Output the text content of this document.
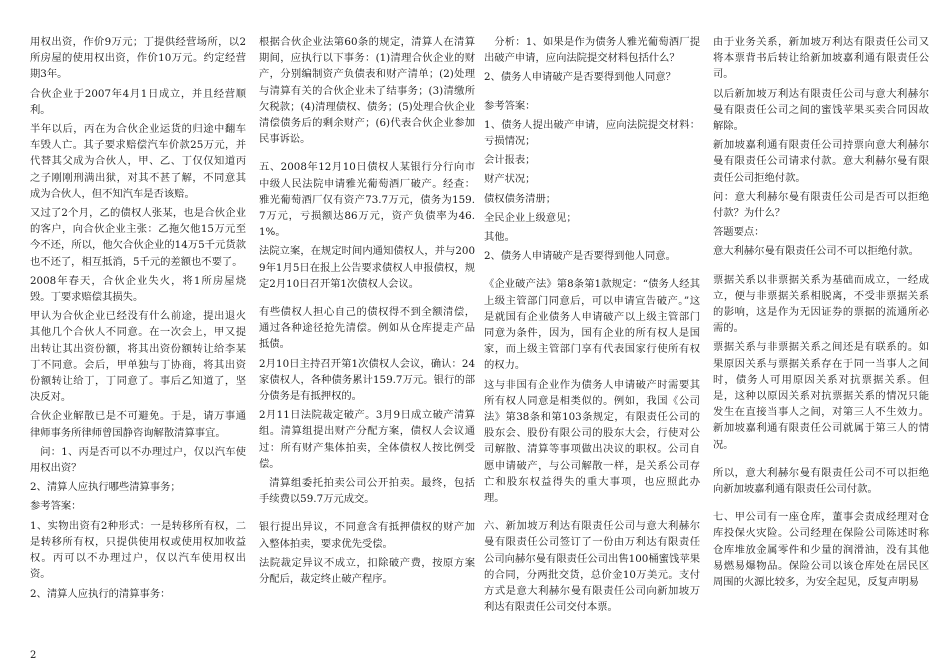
用权出资，作价9万元；丁提供经营场所，以2所房屋的使用权出资，作价10万元。约定经营期3年。

合伙企业于2007年4月1日成立，并且经营顺利。

半年以后，丙在为合伙企业运货的归途中翻车车毁人亡。其子要求赔偿汽车价款25万元，并代替其父成为合伙人，甲、乙、丁仅仅知道丙之子刚刚刑满出狱，对其不甚了解，不同意其成为合伙人，但不知汽车是否该赔。

又过了2个月，乙的债权人张某，也是合伙企业的客户，向合伙企业主张：乙拖欠他15万元至今不还，所以，他欠合伙企业的14万5千元货款也不还了，相互抵消，5千元的差额也不要了。

2008年春天，合伙企业失火，将1所房屋烧毁。丁要求赔偿其损失。

甲认为合伙企业已经没有什么前途，提出退火其他几个合伙人不同意。在一次会上，甲又提出转让其出资份额，将其出资份额转让给李某丁不同意。会后，甲单独与丁协商，将其出资份额转让给丁，丁同意了。事后乙知道了，坚决反对。

合伙企业解散已是不可避免。于是，请万事通律师事务所律师曾国静咨询解散清算事宜。

问：1、丙是否可以不办理过户，仅以汽车使用权出资？

2、清算人应执行哪些清算事务；

参考答案：

1、实物出资有2种形式：一是转移所有权，二是转移所有权，只提供使用权或使用权加收益权。丙可以不办理过户，仅以汽车使用权出资。

2、清算人应执行的清算事务：

根据合伙企业法第60条的规定，清算人在清算期间，应执行以下事务：(1)清理合伙企业的财产，分别编制资产负债表和财产清单；(2)处理与清算有关的合伙企业未了结事务；(3)清缴所欠税款；(4)清理债权、债务；(5)处理合伙企业清偿债务后的剩余财产；(6)代表合伙企业参加民事诉讼。

五、2008年12月10日债权人某银行分行向市中级人民法院申请雅光葡萄酒厂破产。经查：雅光葡萄酒厂仅有资产73.7万元，债务为159.7万元，亏损额达86万元，资产负债率为46.1%。

法院立案，在规定时间内通知债权人，并与2009年1月5日在报上公告要求债权人申报债权，规定2月10日召开第1次债权人会议。

有些债权人担心自己的债权得不到全额清偿，通过各种途径抢先清偿。例如从仓库提走产品抵债。

2月10日主持召开第1次债权人会议，确认：24家债权人，各种债务累计159.7万元。银行的部分债务是有抵押权的。

2月11日法院裁定破产。3月9日成立破产清算组。清算组提出财产分配方案，债权人会议通过：所有财产集体拍卖，全体债权人按比例受偿。

清算组委托拍卖公司公开拍卖。最终，包括手续费以59.7万元成交。

银行提出异议，不同意含有抵押债权的财产加入整体拍卖，要求优先受偿。

法院裁定异议不成立，扣除破产费，按原方案分配后，裁定终止破产程序。

分析：1、如果是作为债务人雅光葡萄酒厂提出破产申请，应向法院提交材料包括什么？

2、债务人申请破产是否要得到他人同意？

参考答案：

1、债务人提出破产申请，应向法院提交材料：亏损情况；

会计报表；

财产状况；

债权债务清册；

全民企业上级意见；

其他。

2、债务人申请破产是否要得到他人同意。

《企业破产法》第8条第1款规定：“债务人经其上级主管部门同意后，可以申请宣告破产。”这是就国有企业债务人申请破产以上级主管部门同意为条件，因为，国有企业的所有权人是国家，而上级主管部门享有代表国家行使所有权的权力。

这与非国有企业作为债务人申请破产时需要其所有权人同意是相类似的。例如，我国《公司法》第38条和第103条规定，有限责任公司的股东会、股份有限公司的股东大会，行使对公司解散、清算等事项做出决议的职权。公司自愿申请破产，与公司解散一样，是关系公司存亡和股东权益得失的重大事项，也应照此办理。

六、新加坡万利达有限责任公司与意大利赫尔曼有限责任公司签订了一份由万利达有限责任公司向赫尔曼有限责任公司出售100桶蜜饯苹果的合同，分两批交货，总价金10万美元。支付方式是意大利赫尔曼有限责任公司向新加坡万利达有限责任公司交付本票。

由于业务关系，新加坡万利达有限责任公司又将本票背书后转让给新加坡嘉利通有限责任公司。

以后新加坡万利达有限责任公司与意大利赫尔曼有限责任公司之间的蜜饯苹果买卖合同因故解除。

新加坡嘉利通有限责任公司持票向意大利赫尔曼有限责任公司请求付款。意大利赫尔曼有限责任公司拒绝付款。

问：意大利赫尔曼有限责任公司是否可以拒绝付款？为什么？

答题要点：

意大利赫尔曼有限责任公司不可以拒绝付款。

票据关系以非票据关系为基础而成立，一经成立，便与非票据关系相脱离，不受非票据关系的影响，这是作为无因证券的票据的流通所必需的。

票据关系与非票据关系之间还是有联系的。如果原因关系与票据关系存在于同一当事人之间时，债务人可用原因关系对抗票据关系。但是，这种以原因关系对抗票据关系的情况只能发生在直接当事人之间，对第三人不生效力。新加坡嘉利通有限责任公司就属于第三人的情况。

所以，意大利赫尔曼有限责任公司不可以拒绝向新加坡嘉利通有限责任公司付款。

七、甲公司有一座仓库，董事会责成经理对仓库投保火灾险。公司经理在保险公司陈述时称仓库堆放金属零件和少量的润滑油，没有其他易燃易爆物品。保险公司以该仓库处在居民区周围的火源比较多，为安全起见，反复声明易

2
